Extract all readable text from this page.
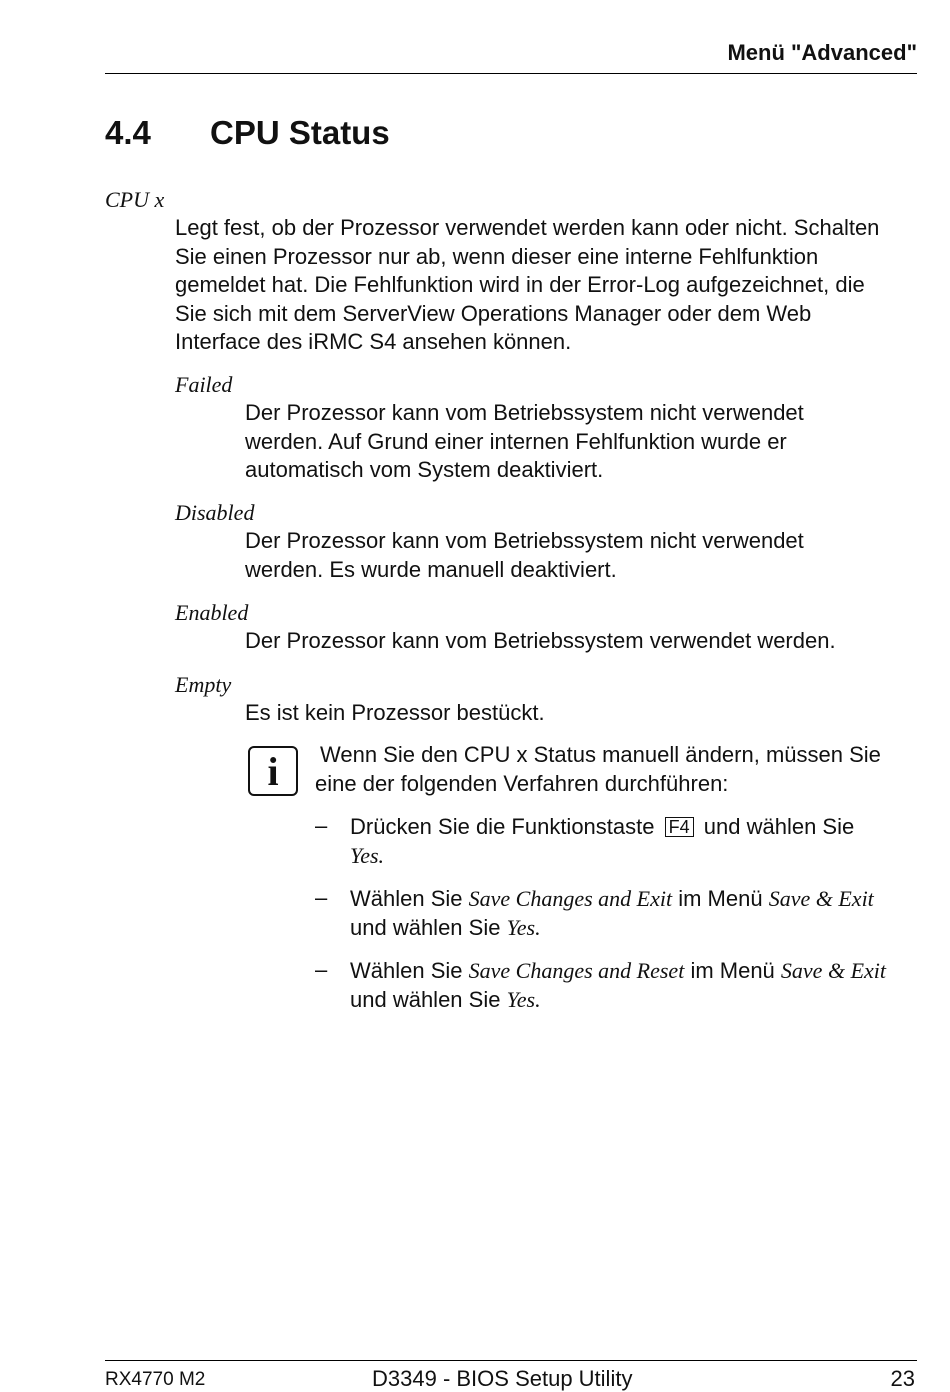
Menü "Advanced"
4.4 CPU Status
CPU x
Legt fest, ob der Prozessor verwendet werden kann oder nicht. Schalten
Sie einen Prozessor nur ab, wenn dieser eine interne Fehlfunktion
gemeldet hat. Die Fehlfunktion wird in der Error-Log aufgezeichnet, die
Sie sich mit dem ServerView Operations Manager oder dem Web
Interface des iRMC S4 ansehen können.
Failed
Der Prozessor kann vom Betriebssystem nicht verwendet
werden. Auf Grund einer internen Fehlfunktion wurde er
automatisch vom System deaktiviert.
Disabled
Der Prozessor kann vom Betriebssystem nicht verwendet
werden. Es wurde manuell deaktiviert.
Enabled
Der Prozessor kann vom Betriebssystem verwendet werden.
Empty
Es ist kein Prozessor bestückt.
i	Wenn Sie den CPU x Status manuell ändern, müssen Sie
eine der folgenden Verfahren durchführen:
– Drücken Sie die Funktionstaste F4 und wählen Sie
Yes.
– Wählen Sie Save Changes and Exit im Menü Save & Exit
und wählen Sie Yes.
– Wählen Sie Save Changes and Reset im Menü Save & Exit
und wählen Sie Yes.
RX4770 M2	D3349 - BIOS Setup Utility	23
